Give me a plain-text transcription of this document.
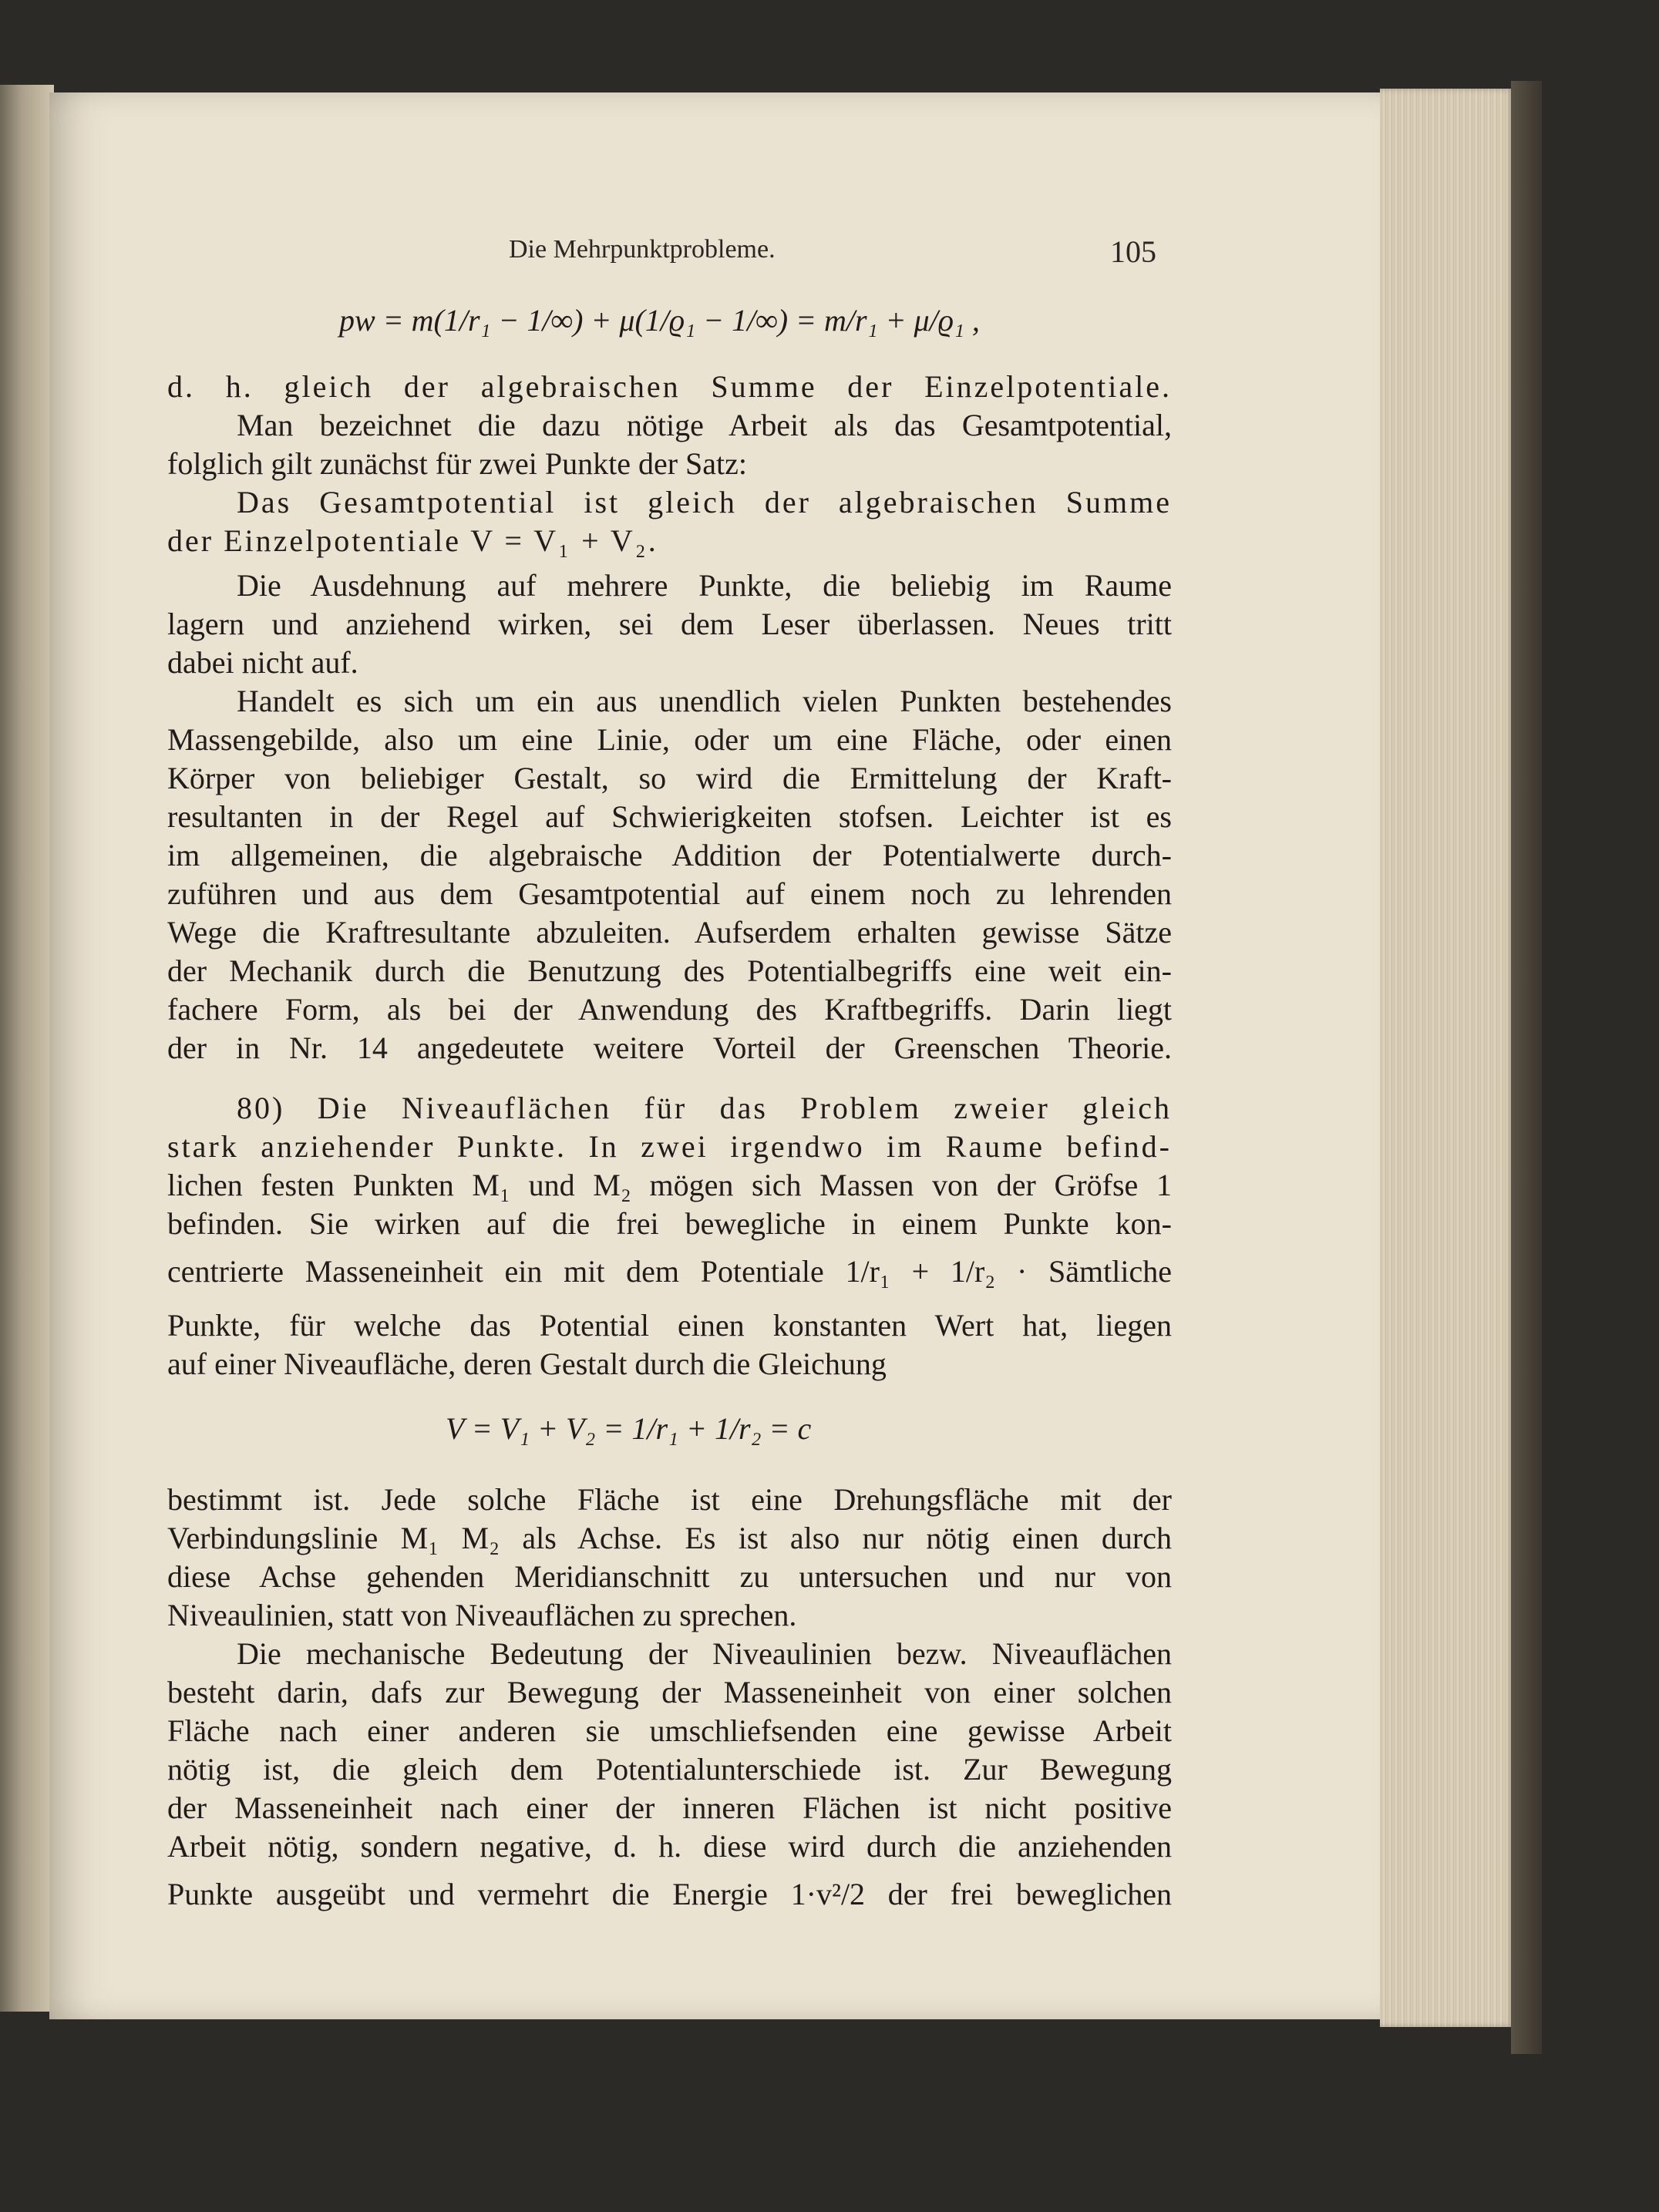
Die Mehrpunktprobleme.	105
pw = m(1/r₁ − 1/∞) + μ(1/ϱ₁ − 1/∞) = m/r₁ + μ/ϱ₁ ,
d. h. gleich der algebraischen Summe der Einzelpotentiale.
Man bezeichnet die dazu nötige Arbeit als das Gesamtpotential,
folglich gilt zunächst für zwei Punkte der Satz:
Das Gesamtpotential ist gleich der algebraischen Summe
der Einzelpotentiale V = V₁ + V₂.
Die Ausdehnung auf mehrere Punkte, die beliebig im Raume
lagern und anziehend wirken, sei dem Leser überlassen. Neues tritt
dabei nicht auf.
Handelt es sich um ein aus unendlich vielen Punkten bestehendes
Massengebilde, also um eine Linie, oder um eine Fläche, oder einen
Körper von beliebiger Gestalt, so wird die Ermittelung der Kraft-
resultanten in der Regel auf Schwierigkeiten stofsen. Leichter ist es
im allgemeinen, die algebraische Addition der Potentialwerte durch-
zuführen und aus dem Gesamtpotential auf einem noch zu lehrenden
Wege die Kraftresultante abzuleiten. Aufserdem erhalten gewisse Sätze
der Mechanik durch die Benutzung des Potentialbegriffs eine weit ein-
fachere Form, als bei der Anwendung des Kraftbegriffs. Darin liegt
der in Nr. 14 angedeutete weitere Vorteil der Greenschen Theorie.
80) Die Niveauflächen für das Problem zweier gleich
stark anziehender Punkte. In zwei irgendwo im Raume befind-
lichen festen Punkten M₁ und M₂ mögen sich Massen von der Gröfse 1
befinden. Sie wirken auf die frei bewegliche in einem Punkte kon-
centrierte Masseneinheit ein mit dem Potentiale 1/r₁ + 1/r₂ · Sämtliche
Punkte, für welche das Potential einen konstanten Wert hat, liegen
auf einer Niveaufläche, deren Gestalt durch die Gleichung
V = V₁ + V₂ = 1/r₁ + 1/r₂ = c
bestimmt ist. Jede solche Fläche ist eine Drehungsfläche mit der
Verbindungslinie M₁ M₂ als Achse. Es ist also nur nötig einen durch
diese Achse gehenden Meridianschnitt zu untersuchen und nur von
Niveaulinien, statt von Niveauflächen zu sprechen.
Die mechanische Bedeutung der Niveaulinien bezw. Niveauflächen
besteht darin, dafs zur Bewegung der Masseneinheit von einer solchen
Fläche nach einer anderen sie umschliefsenden eine gewisse Arbeit
nötig ist, die gleich dem Potentialunterschiede ist. Zur Bewegung
der Masseneinheit nach einer der inneren Flächen ist nicht positive
Arbeit nötig, sondern negative, d. h. diese wird durch die anziehenden
Punkte ausgeübt und vermehrt die Energie 1·v²/2 der frei beweglichen
